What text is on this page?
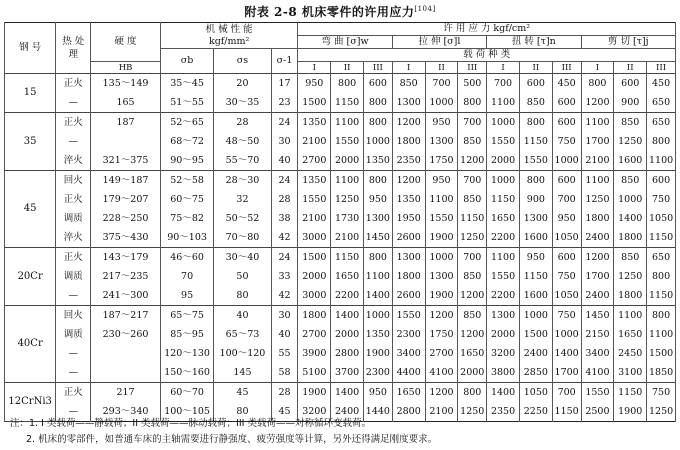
附表 2-8 机床零件的许用应力[104]
钢 号	热 处 理	硬 度	机 械 性 能
kgf/mm²			许 用 应 力 kgf/cm²											
						弯 曲 [σ]w			拉 伸 [σ]l			扭 转 [τ]n			剪 切 [τ]j		
			σb	σs	σ-1	载 荷 种 类											
		HB				I	II	III	I	II	III	I	II	III	I	II	III
15	正火	135～149	35～45	20	17	950	800	600	850	700	500	700	600	450	800	600	450
	—	165	51～55	30～35	23	1500	1150	800	1300	1000	800	1100	850	600	1200	900	650
35	正火	187	52～65	28	24	1350	1100	800	1200	950	700	1000	800	600	1100	850	650
	—		68～72	48～50	30	2100	1550	1000	1800	1300	850	1550	1150	750	1700	1250	800
	淬火	321～375	90～95	55～70	40	2700	2000	1350	2350	1750	1200	2000	1550	1000	2100	1600	1100
45	回火	149～187	52～58	28～30	24	1350	1100	800	1200	950	700	1000	800	600	1100	850	600
	正火	179～207	60～75	32	28	1550	1250	950	1350	1100	850	1150	900	700	1250	1000	750
	调质	228～250	75～82	50～52	38	2100	1730	1300	1950	1550	1150	1650	1300	950	1800	1400	1050
	淬火	375～430	90～103	70～80	42	3000	2100	1450	2600	1900	1250	2200	1600	1050	2400	1800	1150
20Cr	正火	143～179	46～60	30～40	24	1500	1150	800	1300	1000	700	1100	950	600	1200	850	650
	调质	217～235	70	50	33	2000	1650	1100	1800	1300	850	1550	1150	750	1700	1250	800
	—	241～300	95	80	42	3000	2200	1400	2600	1900	1200	2200	1600	1050	2400	1800	1150
40Cr	回火	187～217	65～75	40	30	1800	1400	1000	1550	1200	850	1300	1000	750	1450	1100	800
	调质	230～260	85～95	65～73	40	2700	2000	1350	2300	1750	1200	2000	1500	1000	2150	1650	1100
	—		120～130	100～120	55	3900	2800	1900	3400	2700	1650	3200	2400	1400	3400	2450	1500
	—		150～160	145	58	5100	3700	2300	4400	4100	2000	3800	2850	1700	4100	3100	1850
12CrNi3	正火	217	60～70	45	28	1900	1400	950	1650	1200	800	1400	1050	700	1550	1150	750
	—	293～340	100～105	80	45	3200	2400	1440	2800	2100	1250	2350	2250	1150	2500	1900	1250
注：1. I 类载荷——静载荷；II 类载荷——脉动载荷；III 类载荷——对称循环变载荷。
2. 机床的零部件，如普通车床的主轴需要进行静强度、疲劳强度等计算，另外还得满足刚度要求。
